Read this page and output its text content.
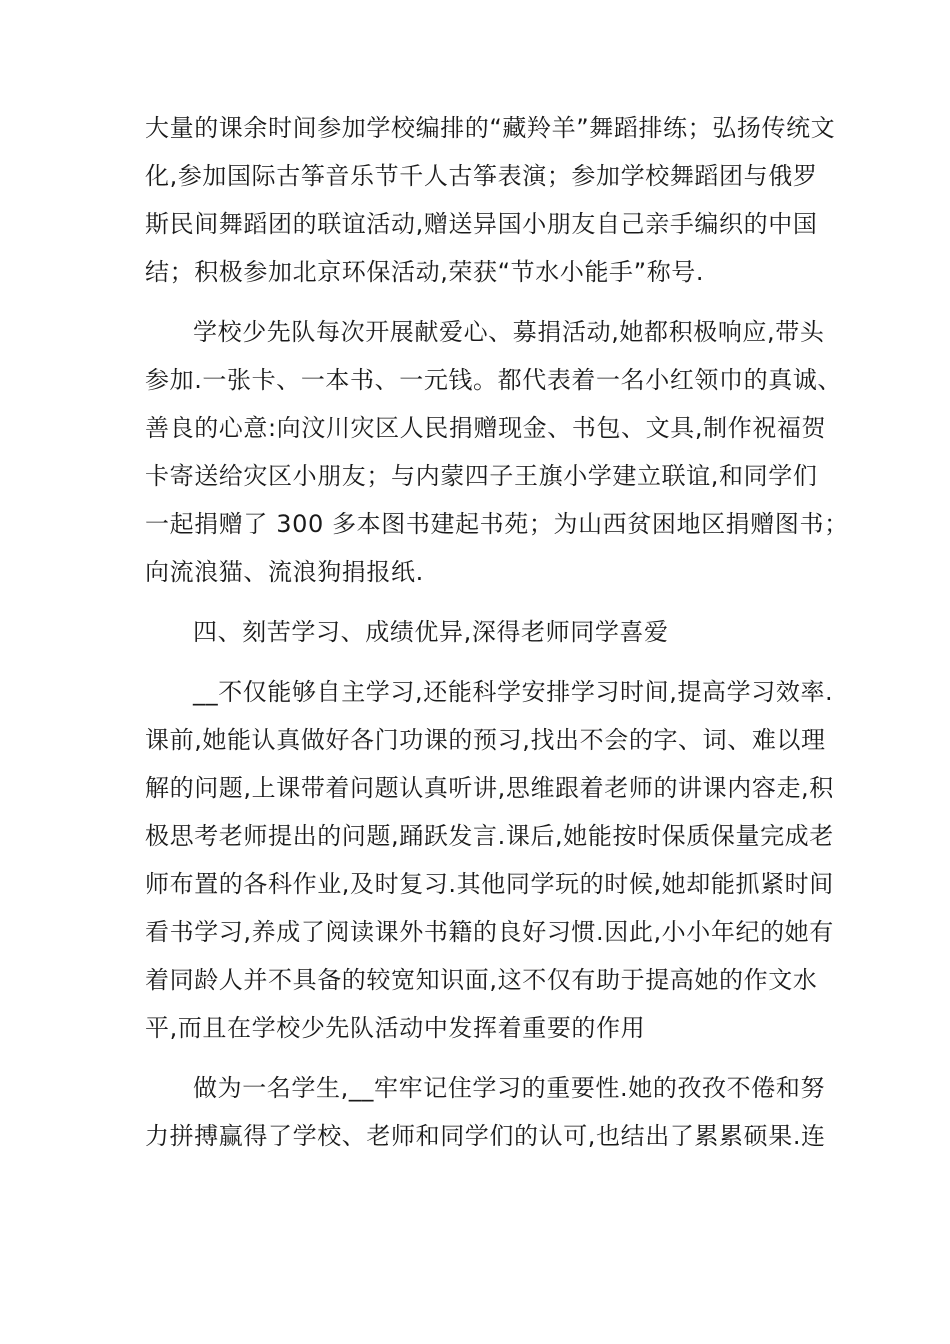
大量的课余时间参加学校编排的“藏羚羊”舞蹈排练；弘扬传统文
化,参加国际古筝音乐节千人古筝表演；参加学校舞蹈团与俄罗
斯民间舞蹈团的联谊活动,赠送异国小朋友自己亲手编织的中国
结；积极参加北京环保活动,荣获“节水小能手”称号.
学校少先队每次开展献爱心、募捐活动,她都积极响应,带头
参加.一张卡、一本书、一元钱。都代表着一名小红领巾的真诚、
善良的心意:向汶川灾区人民捐赠现金、书包、文具,制作祝福贺
卡寄送给灾区小朋友；与内蒙四子王旗小学建立联谊,和同学们
一起捐赠了 300 多本图书建起书苑；为山西贫困地区捐赠图书；
向流浪猫、流浪狗捐报纸.
四、刻苦学习、成绩优异,深得老师同学喜爱
__不仅能够自主学习,还能科学安排学习时间,提高学习效率.
课前,她能认真做好各门功课的预习,找出不会的字、词、难以理
解的问题,上课带着问题认真听讲,思维跟着老师的讲课内容走,积
极思考老师提出的问题,踊跃发言.课后,她能按时保质保量完成老
师布置的各科作业,及时复习.其他同学玩的时候,她却能抓紧时间
看书学习,养成了阅读课外书籍的良好习惯.因此,小小年纪的她有
着同龄人并不具备的较宽知识面,这不仅有助于提高她的作文水
平,而且在学校少先队活动中发挥着重要的作用
做为一名学生,__牢牢记住学习的重要性.她的孜孜不倦和努
力拼搏赢得了学校、老师和同学们的认可,也结出了累累硕果.连
